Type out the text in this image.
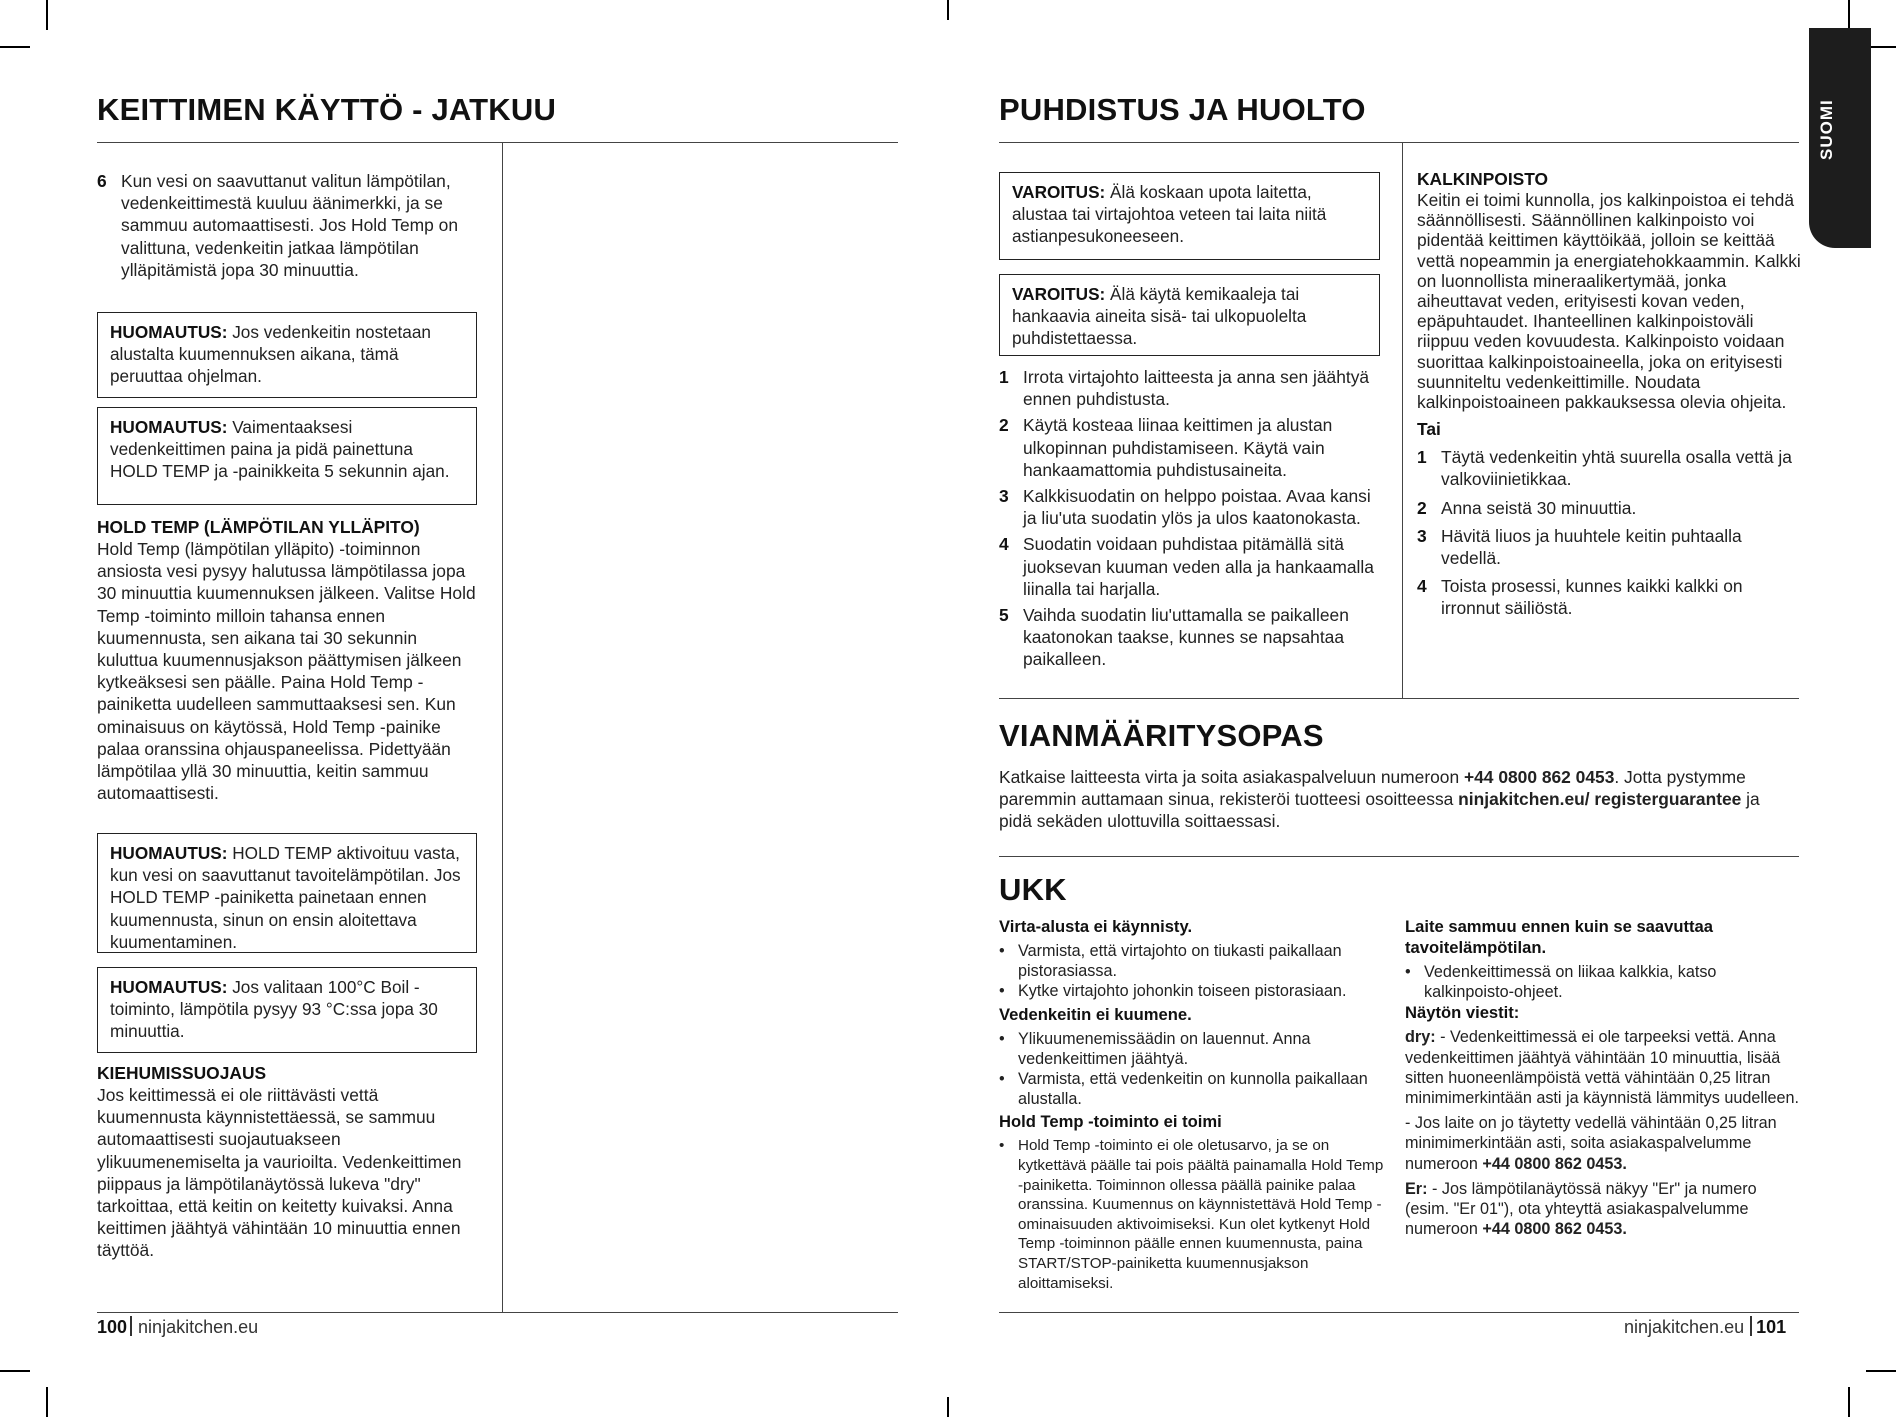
KEITTIMEN KÄYTTÖ - JATKUU
6 Kun vesi on saavuttanut valitun lämpötilan, vedenkeittimestä kuuluu äänimerkki, ja se sammuu automaattisesti. Jos Hold Temp on valittuna, vedenkeitin jatkaa lämpötilan ylläpitämistä jopa 30 minuuttia.
HUOMAUTUS: Jos vedenkeitin nostetaan alustalta kuumennuksen aikana, tämä peruuttaa ohjelman.
HUOMAUTUS: Vaimentaaksesi vedenkeittimen paina ja pidä painettuna HOLD TEMP ja -painikkeita 5 sekunnin ajan.
HOLD TEMP (LÄMPÖTILAN YLLÄPITO)
Hold Temp (lämpötilan ylläpito) -toiminnon ansiosta vesi pysyy halutussa lämpötilassa jopa 30 minuuttia kuumennuksen jälkeen. Valitse Hold Temp -toiminto milloin tahansa ennen kuumennusta, sen aikana tai 30 sekunnin kuluttua kuumennusjakson päättymisen jälkeen kytkeäksesi sen päälle. Paina Hold Temp -painiketta uudelleen sammuttaaksesi sen. Kun ominaisuus on käytössä, Hold Temp -painike palaa oranssina ohjauspaneelissa. Pidettyään lämpötilaa yllä 30 minuuttia, keitin sammuu automaattisesti.
HUOMAUTUS: HOLD TEMP aktivoituu vasta, kun vesi on saavuttanut tavoitelämpötilan. Jos HOLD TEMP -painiketta painetaan ennen kuumennusta, sinun on ensin aloitettava kuumentaminen.
HUOMAUTUS: Jos valitaan 100°C Boil -toiminto, lämpötila pysyy 93 °C:ssa jopa 30 minuuttia.
KIEHUMISSUOJAUS
Jos keittimessä ei ole riittävästi vettä kuumennusta käynnistettäessä, se sammuu automaattisesti suojautuakseen ylikuumenemiselta ja vaurioilta. Vedenkeittimen piippaus ja lämpötilanäytössä lukeva "dry" tarkoittaa, että keitin on keitetty kuivaksi. Anna keittimen jäähtyä vähintään 10 minuuttia ennen täyttöä.
100 ninjakitchen.eu
SUOMI
PUHDISTUS JA HUOLTO
VAROITUS: Älä koskaan upota laitetta, alustaa tai virtajohtoa veteen tai laita niitä astianpesukoneeseen.
VAROITUS: Älä käytä kemikaaleja tai hankaavia aineita sisä- tai ulkopuolelta puhdistettaessa.
1 Irrota virtajohto laitteesta ja anna sen jäähtyä ennen puhdistusta.
2 Käytä kosteaa liinaa keittimen ja alustan ulkopinnan puhdistamiseen. Käytä vain hankaamattomia puhdistusaineita.
3 Kalkkisuodatin on helppo poistaa. Avaa kansi ja liu'uta suodatin ylös ja ulos kaatonokasta.
4 Suodatin voidaan puhdistaa pitämällä sitä juoksevan kuuman veden alla ja hankaamalla liinalla tai harjalla.
5 Vaihda suodatin liu'uttamalla se paikalleen kaatonokan taakse, kunnes se napsahtaa paikalleen.
KALKINPOISTO
Keitin ei toimi kunnolla, jos kalkinpoistoa ei tehdä säännöllisesti. Säännöllinen kalkinpoisto voi pidentää keittimen käyttöikää, jolloin se keittää vettä nopeammin ja energiatehokkaammin. Kalkki on luonnollista mineraalikertymää, jonka aiheuttavat veden, erityisesti kovan veden, epäpuhtaudet. Ihanteellinen kalkinpoistoväli riippuu veden kovuudesta. Kalkinpoisto voidaan suorittaa kalkinpoistoaineella, joka on erityisesti suunniteltu vedenkeittimille. Noudata kalkinpoistoaineen pakkauksessa olevia ohjeita.
Tai
1 Täytä vedenkeitin yhtä suurella osalla vettä ja valkoviinietikkaa.
2 Anna seistä 30 minuuttia.
3 Hävitä liuos ja huuhtele keitin puhtaalla vedellä.
4 Toista prosessi, kunnes kaikki kalkki on irronnut säiliöstä.
VIANMÄÄRITYSOPAS
Katkaise laitteesta virta ja soita asiakaspalveluun numeroon +44 0800 862 0453. Jotta pystymme paremmin auttamaan sinua, rekisteröi tuotteesi osoitteessa ninjakitchen.eu/ registerguarantee ja pidä sekäden ulottuvilla soittaessasi.
UKK
Virta-alusta ei käynnisty.
• Varmista, että virtajohto on tiukasti paikallaan pistorasiassa.
• Kytke virtajohto johonkin toiseen pistorasiaan.
Vedenkeitin ei kuumene.
• Ylikuumenemissäädin on lauennut. Anna vedenkeittimen jäähtyä.
• Varmista, että vedenkeitin on kunnolla paikallaan alustalla.
Hold Temp -toiminto ei toimi
• Hold Temp -toiminto ei ole oletusarvo, ja se on kytkettävä päälle tai pois päältä painamalla Hold Temp -painiketta. Toiminnon ollessa päällä painike palaa oranssina. Kuumennus on käynnistettävä Hold Temp -ominaisuuden aktivoimiseksi. Kun olet kytkenyt Hold Temp -toiminnon päälle ennen kuumennusta, paina START/STOP-painiketta kuumennusjakson aloittamiseksi.
Laite sammuu ennen kuin se saavuttaa tavoitelämpötilan.
• Vedenkeittimessä on liikaa kalkkia, katso kalkinpoisto-ohjeet.
Näytön viestit:
dry: - Vedenkeittimessä ei ole tarpeeksi vettä. Anna vedenkeittimen jäähtyä vähintään 10 minuuttia, lisää sitten huoneenlämpöistä vettä vähintään 0,25 litran minimimerkintään asti ja käynnistä lämmitys uudelleen.
- Jos laite on jo täytetty vedellä vähintään 0,25 litran minimimerkintään asti, soita asiakaspalvelumme numeroon +44 0800 862 0453.
Er: - Jos lämpötilanäytössä näkyy "Er" ja numero (esim. "Er 01"), ota yhteyttä asiakaspalvelumme numeroon +44 0800 862 0453.
ninjakitchen.eu 101
